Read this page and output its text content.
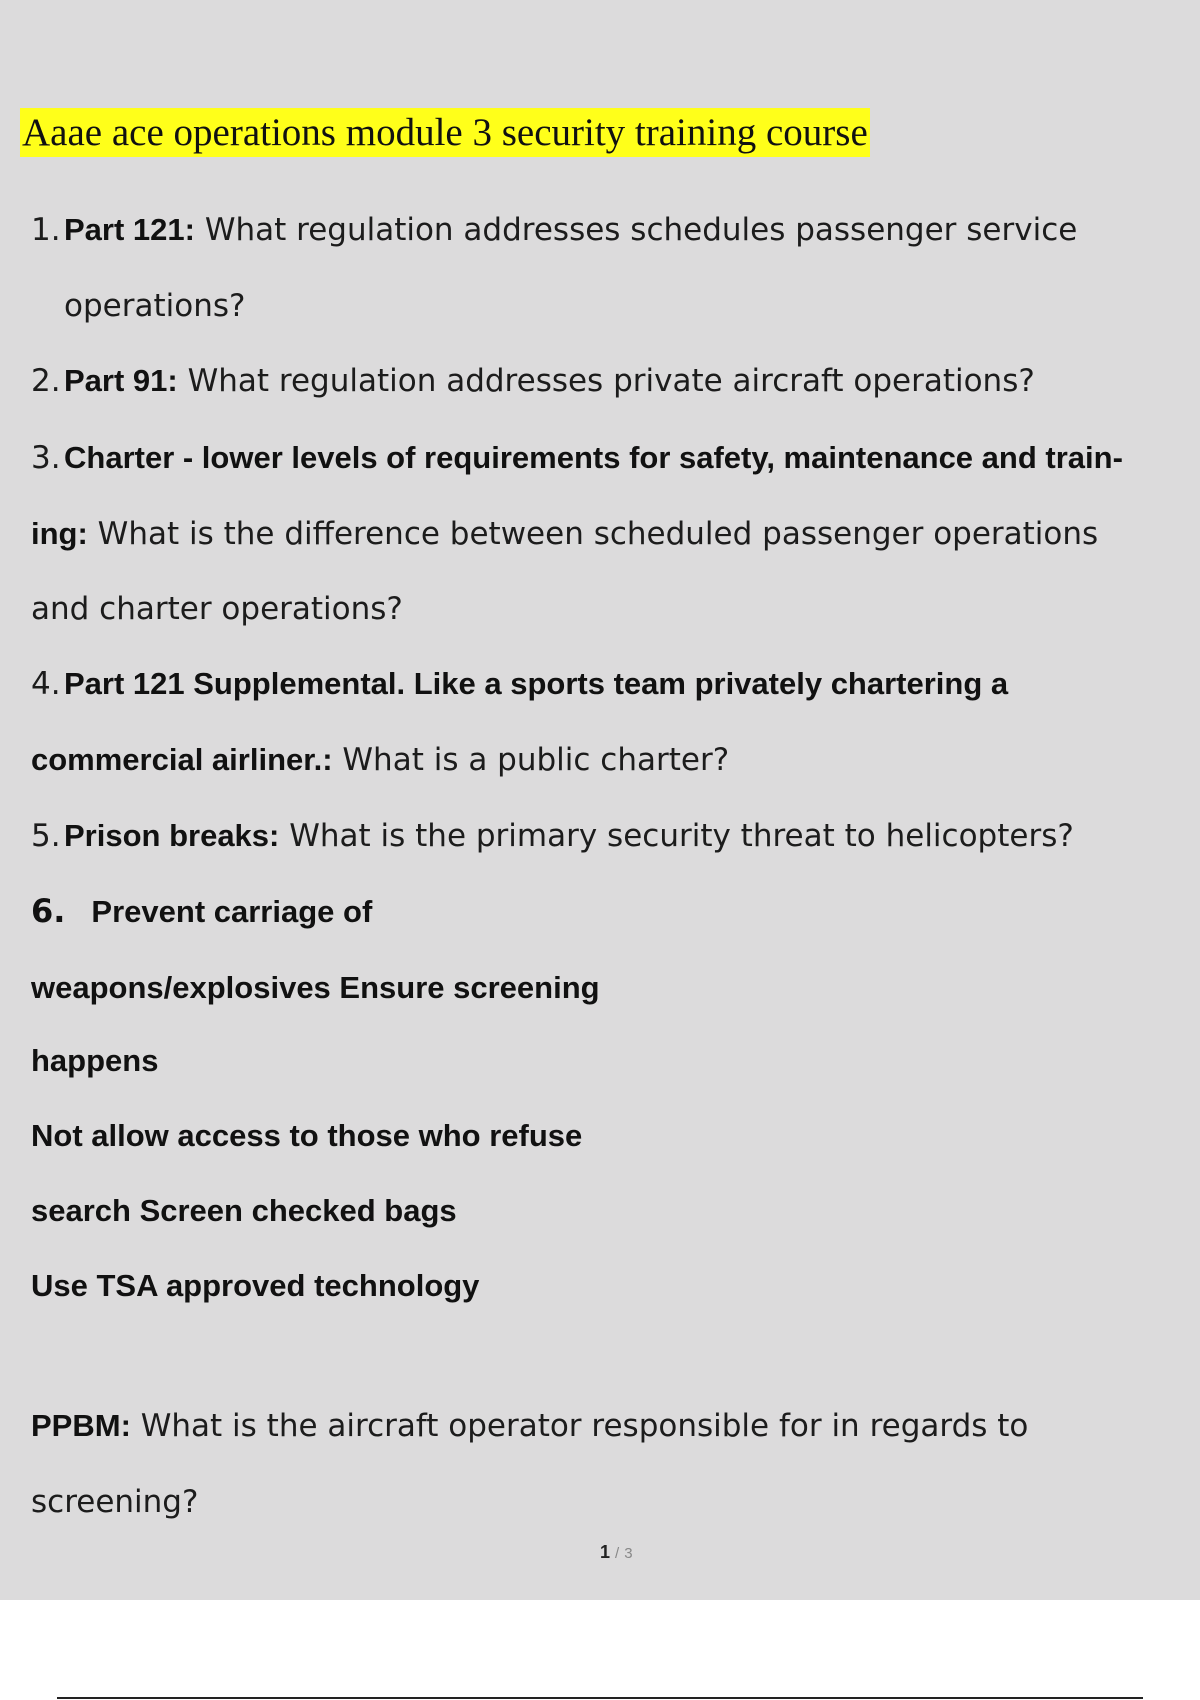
Aaae ace operations module 3 security training course
1. Part 121: What regulation addresses schedules passenger service
operations?
2. Part 91: What regulation addresses private aircraft operations?
3. Charter - lower levels of requirements for safety, maintenance and train-
ing: What is the difference between scheduled passenger operations
and charter operations?
4. Part 121 Supplemental. Like a sports team privately chartering a
commercial airliner.: What is a public charter?
5. Prison breaks: What is the primary security threat to helicopters?
6. Prevent carriage of
weapons/explosives Ensure screening
happens
Not allow access to those who refuse
search Screen checked bags
Use TSA approved technology
PPBM: What is the aircraft operator responsible for in regards to
screening?
1 / 3
